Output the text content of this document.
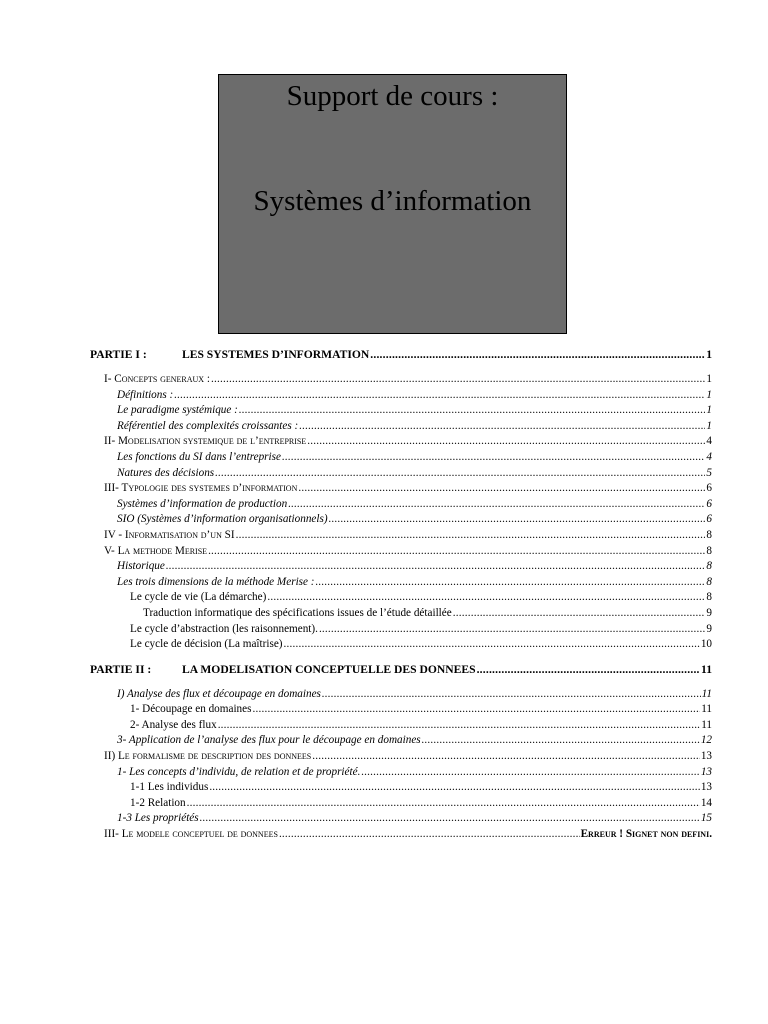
Support de cours :
Systèmes d’information
PARTIE I :	LES SYSTEMES D’INFORMATION .....	1
I- Concepts generaux : .....	1
Définitions : .....	1
Le paradigme systémique : .....	1
Référentiel des complexités croissantes : .....	1
II- Modelisation systemique de l’entreprise .....	4
Les fonctions du SI dans l’entreprise .....	4
Natures des décisions .....	5
III- Typologie des systemes d’information .....	6
Systèmes d’information de production .....	6
SIO (Systèmes d’information organisationnels) .....	6
IV - Informatisation d’un SI .....	8
V- La methode Merise .....	8
Historique .....	8
Les trois dimensions de la méthode Merise : .....	8
Le cycle de vie (La démarche) .....	8
Traduction informatique des spécifications issues de l’étude détaillée .....	9
Le cycle d’abstraction (les raisonnement). .....	9
Le cycle de décision (La maîtrise) .....	10
PARTIE II :	LA MODELISATION CONCEPTUELLE DES DONNEES .....	11
I) Analyse des flux et découpage en domaines .....	11
1- Découpage en domaines .....	11
2- Analyse des flux .....	11
3- Application de l’analyse des flux pour le découpage en domaines .....	12
II) Le formalisme de description des donnees .....	13
1- Les concepts d’individu, de relation et de propriété. .....	13
1-1 Les individus .....	13
1-2 Relation .....	14
1-3 Les propriétés .....	15
III- Le modele conceptuel de donnees .....	Erreur ! Signet non defini.
